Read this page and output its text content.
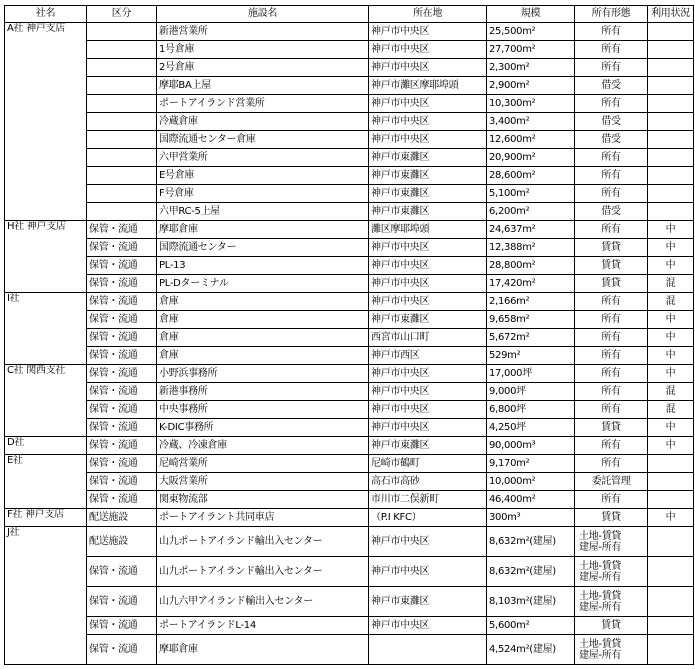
社名	区分	施設名	所在地	規模	所有形態	利用状況
A社 神戸支店		新港営業所	神戸市中央区	25,500m²	所有	
		1号倉庫	神戸市中央区	27,700m²	所有	
		2号倉庫	神戸市中央区	2,300m²	所有	
		摩耶BA上屋	神戸市灘区摩耶埠頭	2,900m²	借受	
		ポートアイランド営業所	神戸市中央区	10,300m²	所有	
		冷蔵倉庫	神戸市中央区	3,400m²	借受	
		国際流通センター倉庫	神戸市中央区	12,600m²	借受	
		六甲営業所	神戸市東灘区	20,900m²	所有	
		E号倉庫	神戸市東灘区	28,600m²	所有	
		F号倉庫	神戸市東灘区	5,100m²	所有	
		六甲RC-5上屋	神戸市東灘区	6,200m²	借受	
H社 神戸支店	保管・流通	摩耶倉庫	灘区摩耶埠頭	24,637m²	所有	中
	保管・流通	国際流通センター	神戸市中央区	12,388m²	賃貸	中
	保管・流通	PL-13	神戸市中央区	28,800m²	賃貸	中
	保管・流通	PL-Dターミナル	神戸市中央区	17,420m²	賃貸	混
I社	保管・流通	倉庫	神戸市中央区	2,166m²	所有	混
	保管・流通	倉庫	神戸市東灘区	9,658m²	所有	中
	保管・流通	倉庫	西宮市山口町	5,672m²	所有	中
	保管・流通	倉庫	神戸市西区	529m²	所有	中
C社 関西支社	保管・流通	小野浜事務所	神戸市中央区	17,000坪	所有	中
	保管・流通	新港事務所	神戸市中央区	9,000坪	所有	混
	保管・流通	中央事務所	神戸市中央区	6,800坪	所有	混
	保管・流通	K-DIC事務所	神戸市中央区	4,250坪	賃貸	中
D社	保管・流通	冷蔵、冷凍倉庫	神戸市東灘区	90,000m³	所有	中
E社	保管・流通	尼崎営業所	尼崎市鶴町	9,170m²	所有	
	保管・流通	大阪営業所	高石市高砂	10,000m²	委託管理	
	保管・流通	関東物流部	市川市二俣新町	46,400m²	所有	
F社 神戸支店	配送施設	ポートアイラント共同車店	（P.I KFC）	300m³	賃貸	中
J社	配送施設	山九ポートアイランド輸出入センター	神戸市中央区	8,632m²(建屋)	土地-賃貸
建屋-所有	

	保管・流通	山九ポートアイランド輸出入センター	神戸市中央区	8,632m²(建屋)	土地-賃貸
建屋-所有	

	保管・流通	山九六甲アイランド輸出入センター	神戸市東灘区	8,103m²(建屋)	土地-賃貸
建屋-所有	

	保管・流通	ポートアイランドL-14	神戸市中央区	5,600m²	賃貸	
	保管・流通	摩耶倉庫		4,524m²(建屋)	土地-賃貸
建屋-所有	
